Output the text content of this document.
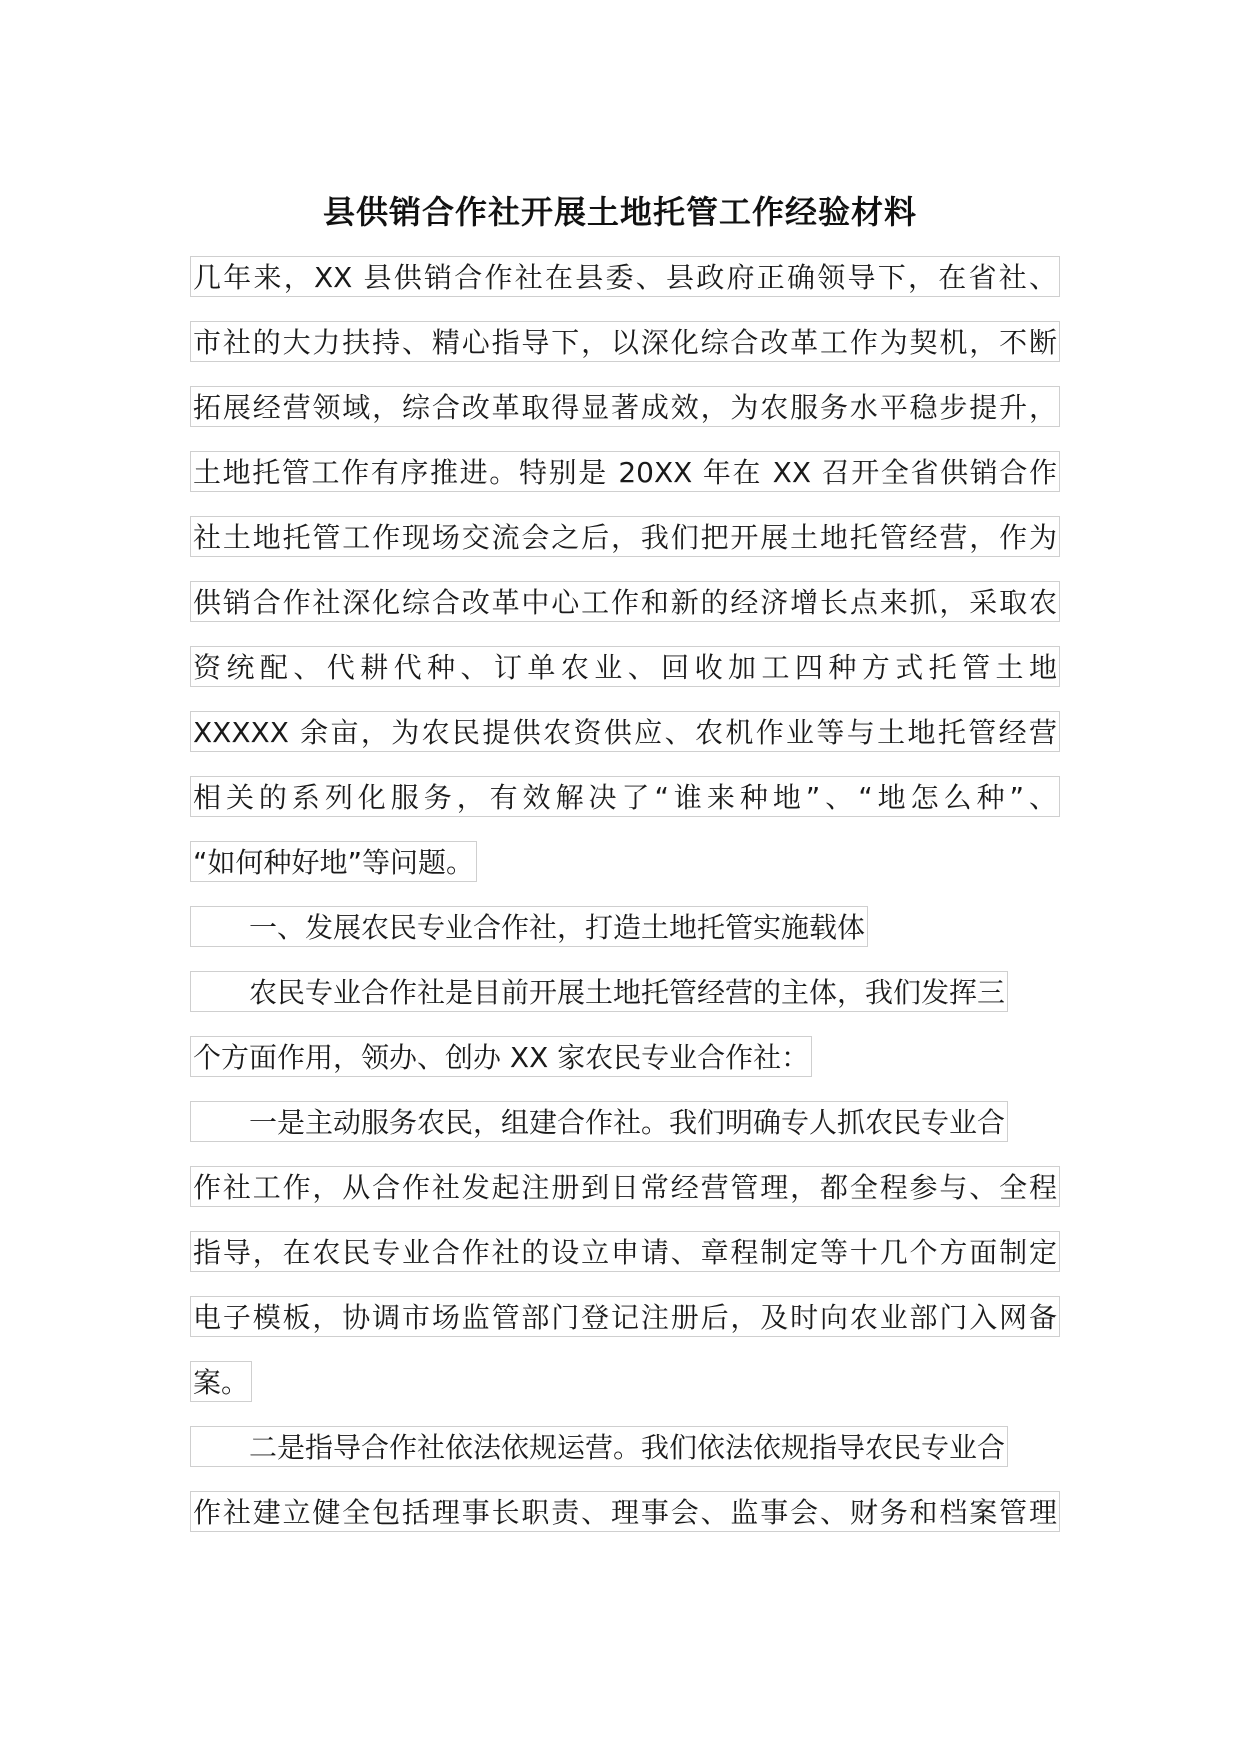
县供销合作社开展土地托管工作经验材料
几年来，XX 县供销合作社在县委、县政府正确领导下，在省社、
市社的大力扶持、精心指导下，以深化综合改革工作为契机，不断
拓展经营领域，综合改革取得显著成效，为农服务水平稳步提升，
土地托管工作有序推进。特别是 20XX 年在 XX 召开全省供销合作
社土地托管工作现场交流会之后，我们把开展土地托管经营，作为
供销合作社深化综合改革中心工作和新的经济增长点来抓，采取农
资统配、代耕代种、订单农业、回收加工四种方式托管土地
XXXXX 余亩，为农民提供农资供应、农机作业等与土地托管经营
相关的系列化服务，有效解决了“谁来种地”、“地怎么种”、
“如何种好地”等问题。
一、发展农民专业合作社，打造土地托管实施载体
农民专业合作社是目前开展土地托管经营的主体，我们发挥三
个方面作用，领办、创办 XX 家农民专业合作社：
一是主动服务农民，组建合作社。我们明确专人抓农民专业合
作社工作，从合作社发起注册到日常经营管理，都全程参与、全程
指导，在农民专业合作社的设立申请、章程制定等十几个方面制定
电子模板，协调市场监管部门登记注册后，及时向农业部门入网备
案。
二是指导合作社依法依规运营。我们依法依规指导农民专业合
作社建立健全包括理事长职责、理事会、监事会、财务和档案管理
